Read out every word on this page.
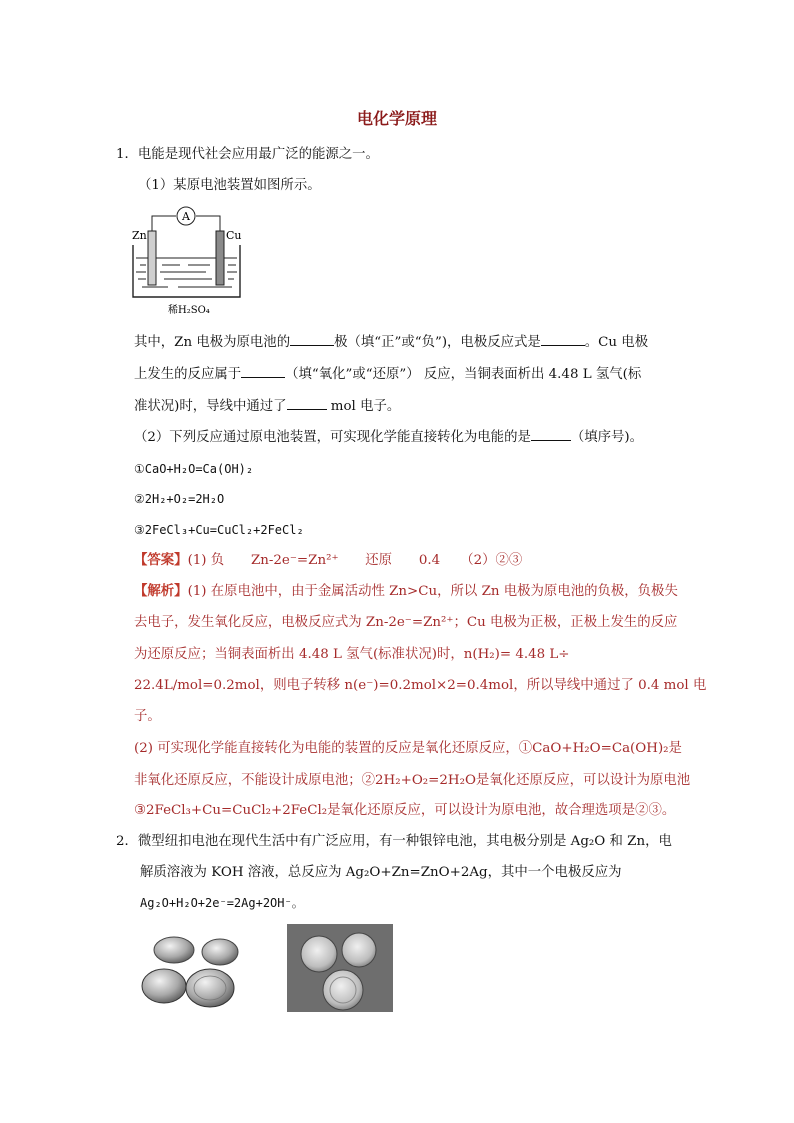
电化学原理
1．电能是现代社会应用最广泛的能源之一。
（1）某原电池装置如图所示。
A
Zn	Cu
稀H₂SO₄
其中，Zn 电极为原电池的	极（填“正”或“负”)，电极反应式是	。Cu 电极
上发生的反应属于	（填“氧化”或“还原”） 反应，当铜表面析出 4.48 L 氢气(标
准状况)时，导线中通过了	mol 电子。
（2）下列反应通过原电池装置，可实现化学能直接转化为电能的是	（填序号)。
①CaO+H₂O=Ca(OH)₂
②2H₂+O₂=2H₂O
③2FeCl₃+Cu=CuCl₂+2FeCl₂
【答案】(1) 负　　Zn-2e⁻=Zn²⁺　　还原　　0.4　　（2）②③
【解析】(1) 在原电池中，由于金属活动性 Zn>Cu，所以 Zn 电极为原电池的负极，负极失
去电子，发生氧化反应，电极反应式为 Zn-2e⁻=Zn²⁺；Cu 电极为正极，正极上发生的反应
为还原反应；当铜表面析出 4.48 L 氢气(标准状况)时，n(H₂)= 4.48 L÷
22.4L/mol=0.2mol，则电子转移 n(e⁻)=0.2mol×2=0.4mol，所以导线中通过了 0.4 mol 电
子。
(2) 可实现化学能直接转化为电能的装置的反应是氧化还原反应，①CaO+H₂O=Ca(OH)₂是
非氧化还原反应，不能设计成原电池；②2H₂+O₂=2H₂O是氧化还原反应，可以设计为原电池
③2FeCl₃+Cu=CuCl₂+2FeCl₂是氧化还原反应，可以设计为原电池，故合理选项是②③。
2．微型纽扣电池在现代生活中有广泛应用，有一种银锌电池，其电极分别是 Ag₂O 和 Zn，电
解质溶液为 KOH 溶液，总反应为 Ag₂O+Zn=ZnO+2Ag，其中一个电极反应为
Ag₂O+H₂O+2e⁻=2Ag+2OH⁻。
